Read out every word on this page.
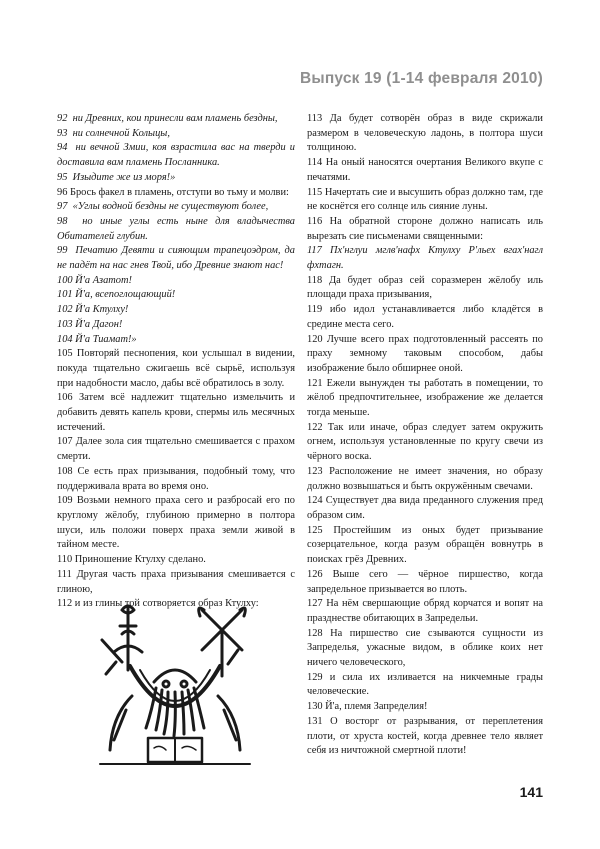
Выпуск 19 (1-14 февраля 2010)
92  ни Древних, кои принесли вам пламень бездны,
93  ни солнечной Колыцы,
94  ни вечной Змии, коя взрастила вас на тверди и доставила вам пламень Посланника.
95  Изыдите же из моря!»
96 Брось факел в пламень, отступи во тьму и молви:
97  «Углы водной бездны не существуют более,
98  но иные углы есть ныне для владычества Обитателей глубин.
99  Печатию Девяти и сияющим трапецоэдром, да не падёт на нас гнев Твой, ибо Древние знают нас!
100 Й'а Азатот!
101 Й'а, всепоглощающий!
102 Й'а Ктулху!
103 Й'а Дагон!
104 Й'а Тиамат!»
105 Повторяй песнопения, кои услышал в видении, покуда тщательно сжигаешь всё сырьё, используя при надобности масло, дабы всё обратилось в золу.
106 Затем всё надлежит тщательно измельчить и добавить девять капель крови, спермы иль месячных истечений.
107 Далее зола сия тщательно смешивается с прахом смерти.
108 Се есть прах призывания, подобный тому, что поддерживала врата во время оно.
109 Возьми немного праха сего и разбросай его по круглому жёлобу, глубиною примерно в полтора шуси, иль положи поверх праха земли живой в тайном месте.
110 Приношение Ктулху сделано.
111 Другая часть праха призывания смешивается с глиною,
112 и из глины той сотворяется образ Ктулху:
113 Да будет сотворён образ в виде скрижали размером в человеческую ладонь, в полтора шуси толщиною.
114 На оный наносятся очертания Великого вкупе с печатями.
115 Начертать сие и высушить образ должно там, где не коснётся его солнце иль сияние луны.
116 На обратной стороне должно написать иль вырезать сие письменами священными:
117 Пх'нглуи мглв'нафх Ктулху Р'льех вгах'нагл фхтагн.
118 Да будет образ сей соразмерен жёлобу иль площади праха призывания,
119 ибо идол устанавливается либо кладётся в средине места сего.
120 Лучше всего прах подготовленный рассеять по праху земному таковым способом, дабы изображение было обширнее оной.
121 Ежели вынужден ты работать в помещении, то жёлоб предпочтительнее, изображение же делается тогда меньше.
122 Так или иначе, образ следует затем окружить огнем, используя установленные по кругу свечи из чёрного воска.
123 Расположение не имеет значения, но образу должно возвышаться и быть окружённым свечами.
124 Существует два вида преданного служения пред образом сим.
125 Простейшим из оных будет призывание созерцательное, когда разум обращён вовнутрь в поисках грёз Древних.
126 Выше сего — чёрное пиршество, когда запредельное призывается во плоть.
127 На нём свершающие обряд корчатся и вопят на празднестве обитающих в Запредельи.
128 На пиршество сие сзываются сущности из Запределья, ужасные видом, в облике коих нет ничего человеческого,
129 и сила их изливается на никчемные грады человеческие.
130 Й'а, племя Запределия!
131 О восторг от разрывания, от переплетения плоти, от хруста костей, когда древнее тело являет себя из ничтожной смертной плоти!
141
